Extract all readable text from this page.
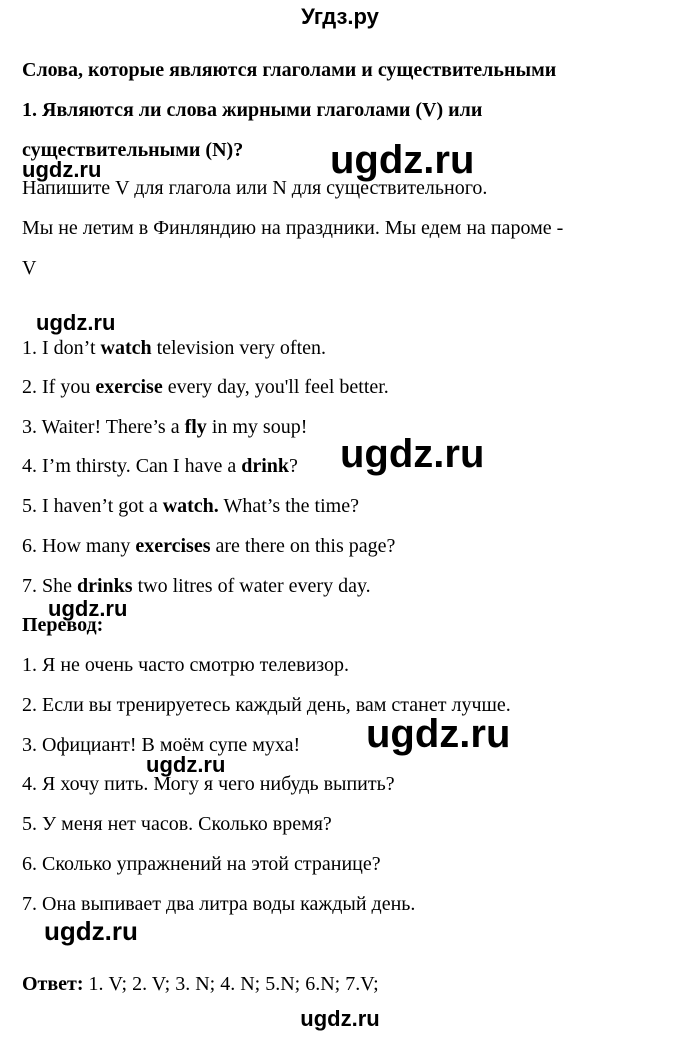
Угдз.ру
Слова, которые являются глаголами и существительными
1. Являются ли слова жирными глаголами (V) или
существительными (N)?
Напишите V для глагола или N для существительного.
Мы не летим в Финляндию на праздники. Мы едем на пароме -
V
1. I don’t watch television very often.
2. If you exercise every day, you'll feel better.
3. Waiter! There’s a fly in my soup!
4. I’m thirsty. Can I have a drink?
5. I haven’t got a watch. What’s the time?
6. How many exercises are there on this page?
7. She drinks two litres of water every day.
Перевод:
1. Я не очень часто смотрю телевизор.
2. Если вы тренируетесь каждый день, вам станет лучше.
3. Официант! В моём супе муха!
4. Я хочу пить. Могу я чего нибудь выпить?
5. У меня нет часов. Сколько время?
6. Сколько упражнений на этой странице?
7. Она выпивает два литра воды каждый день.
Ответ: 1. V; 2. V; 3. N; 4. N; 5.N; 6.N; 7.V;
ugdz.ru	ugdz.ru
ugdz.ru
ugdz.ru
ugdz.ru
ugdz.ru
ugdz.ru
ugdz.ru
ugdz.ru
